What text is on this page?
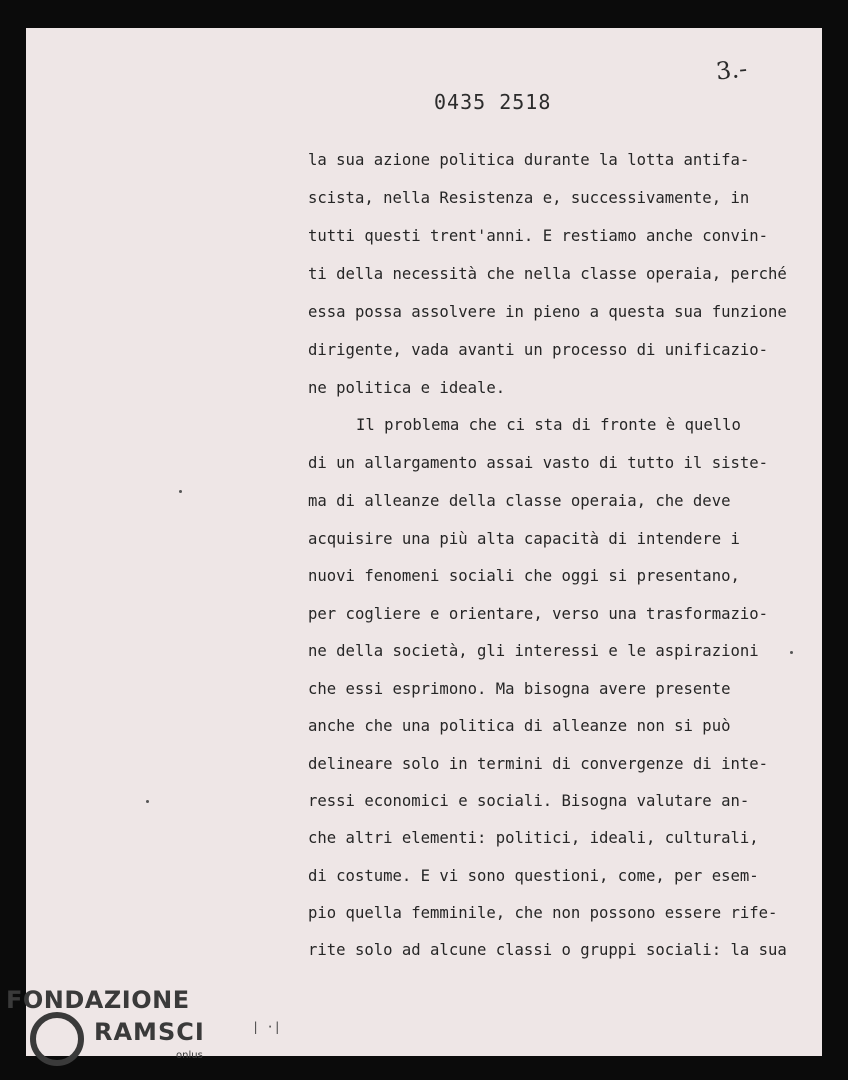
3.-
0435 2518
la sua azione politica durante la lotta antifa-
scista, nella Resistenza e, successivamente, in
tutti questi trent'anni. E restiamo anche convin-
ti della necessità che nella classe operaia, perché
essa possa assolvere in pieno a questa sua funzione
dirigente, vada avanti un processo di unificazio-
ne politica e ideale.
Il problema che ci sta di fronte è quello
di un allargamento assai vasto di tutto il siste-
ma di alleanze della classe operaia, che deve
acquisire una più alta capacità di intendere i
nuovi fenomeni sociali che oggi si presentano,
per cogliere e orientare, verso una trasformazio-
ne della società, gli interessi e le aspirazioni
che essi esprimono. Ma bisogna avere presente
anche che una politica di alleanze non si può
delineare solo in termini di convergenze di inte-
ressi economici e sociali. Bisogna valutare an-
che altri elementi: politici, ideali, culturali,
di costume. E vi sono questioni, come, per esem-
pio quella femminile, che non possono essere rife-
rite solo ad alcune classi o gruppi sociali: la sua
| ·|
FONDAZIONE
RAMSCI
onlus
